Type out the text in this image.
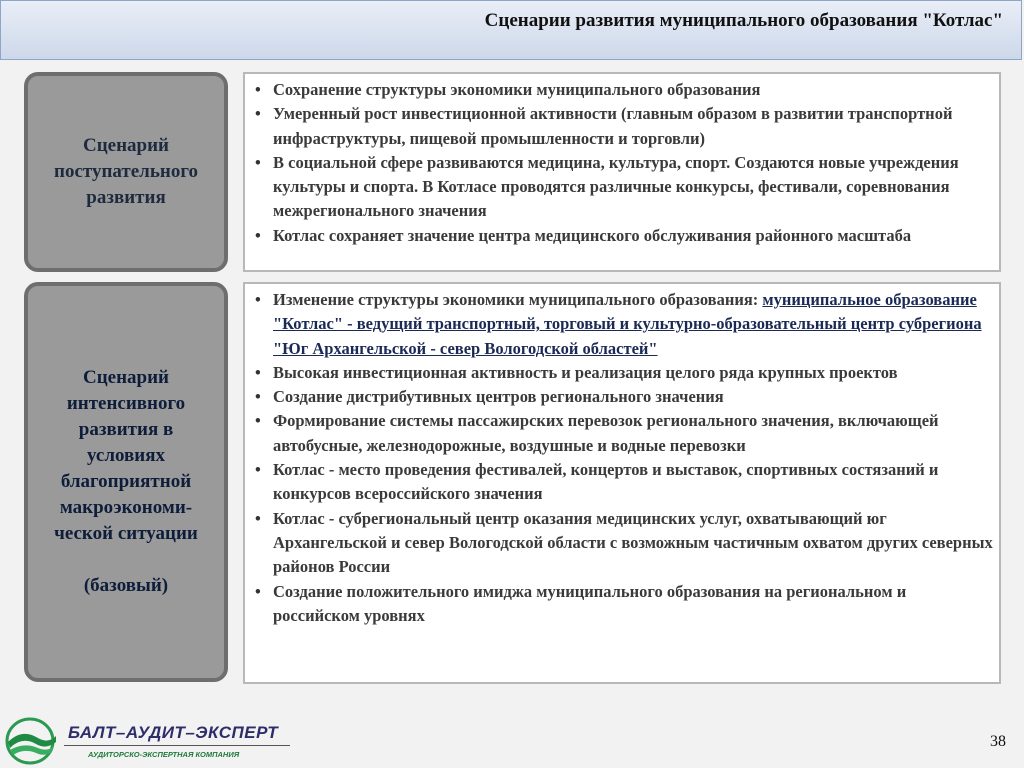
Сценарии развития муниципального образования "Котлас"
Сценарий
поступательного
развития
• Сохранение структуры экономики муниципального образования
• Умеренный рост инвестиционной активности (главным образом в развитии транспортной инфраструктуры, пищевой промышленности и торговли)
• В социальной сфере развиваются медицина, культура, спорт. Создаются новые учреждения культуры и спорта. В Котласе проводятся различные конкурсы, фестивали, соревнования межрегионального значения
• Котлас сохраняет значение центра медицинского обслуживания районного масштаба
Сценарий
интенсивного
развития в
условиях
благоприятной
макроэкономи-
ческой ситуации

(базовый)
• Изменение структуры экономики муниципального образования: муниципальное образование "Котлас" - ведущий транспортный, торговый и культурно-образовательный центр субрегиона "Юг Архангельской - север Вологодской областей"
• Высокая инвестиционная активность и реализация целого ряда крупных проектов
• Создание дистрибутивных центров регионального значения
• Формирование системы пассажирских перевозок регионального значения, включающей автобусные, железнодорожные, воздушные и водные перевозки
• Котлас - место проведения фестивалей, концертов и выставок, спортивных состязаний и конкурсов всероссийского значения
• Котлас - субрегиональный центр оказания медицинских услуг, охватывающий юг Архангельской и север Вологодской области с возможным частичным охватом других северных районов России
• Создание положительного имиджа муниципального образования на региональном и российском уровнях
БАЛТ–АУДИТ–ЭКСПЕРТ
АУДИТОРСКО-ЭКСПЕРТНАЯ КОМПАНИЯ
38
